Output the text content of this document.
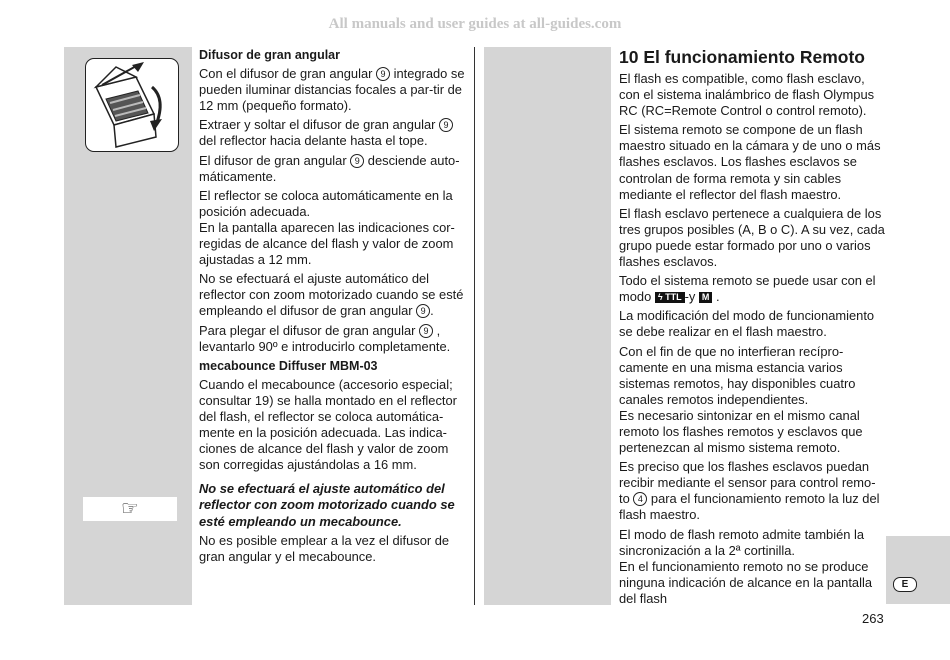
All manuals and user guides at all-guides.com
E
☞

Difusor de gran angular

Con el difusor de gran angular 9 integrado se pueden iluminar distancias focales a par-tir de 12 mm (pequeño formato).

Extraer y soltar el difusor de gran angular 9 del reflector hacia delante hasta el tope.

El difusor de gran angular 9 desciende auto-máticamente.

El reflector se coloca automáticamente en la posición adecuada.

En la pantalla aparecen las indicaciones cor-regidas de alcance del flash y valor de zoom ajustadas a 12 mm.

No se efectuará el ajuste automático del reflector con zoom motorizado cuando se esté empleando el difusor de gran angular 9 .

Para plegar el difusor de gran angular 9 , levantarlo 90º e introducirlo completamente.

mecabounce Diffuser MBM-03

Cuando el mecabounce (accesorio especial; consultar 19) se halla montado en el reflector del flash, el reflector se coloca automática-mente en la posición adecuada. Las indica-ciones de alcance del flash y valor de zoom son corregidas ajustándolas a 16 mm.

No se efectuará el ajuste automático del reflector con zoom motorizado cuando se esté empleando un mecabounce.

No es posible emplear a la vez el difusor de gran angular y el mecabounce.

10 El funcionamiento Remoto

El flash es compatible, como flash esclavo, con el sistema inalámbrico de flash Olympus RC (RC=Remote Control o control remoto).

El sistema remoto se compone de un flash maestro situado en la cámara y de uno o más flashes esclavos. Los flashes esclavos se controlan de forma remota y sin cables mediante el reflector del flash maestro.

El flash esclavo pertenece a cualquiera de los tres grupos posibles (A, B o C). A su vez, cada grupo puede estar formado por uno o varios flashes esclavos.

Todo el sistema remoto se puede usar con el modo ϟ TTL -y M .

La modificación del modo de funcionamiento se debe realizar en el flash maestro.

Con el fin de que no interfieran recípro-camente en una misma estancia varios sistemas remotos, hay disponibles cuatro canales remotos independientes.

Es necesario sintonizar en el mismo canal remoto los flashes remotos y esclavos que pertenezcan al mismo sistema remoto.

Es preciso que los flashes esclavos puedan recibir mediante el sensor para control remo-to 4 para el funcionamiento remoto la luz del flash maestro.

El modo de flash remoto admite también la sincronización a la 2ª cortinilla.

En el funcionamiento remoto no se produce ninguna indicación de alcance en la pantalla del flash

263
